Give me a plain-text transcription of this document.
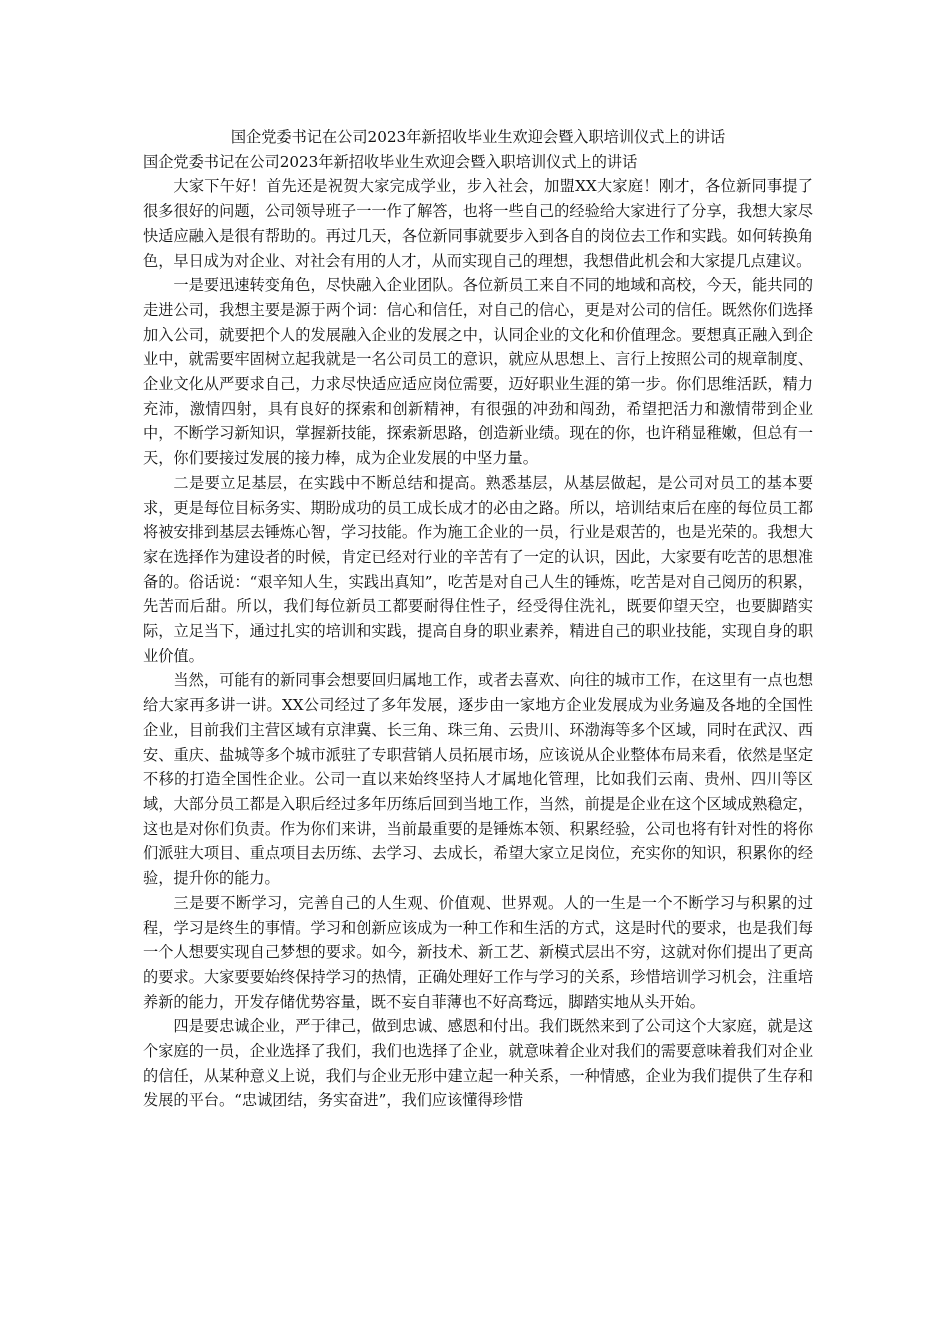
国企党委书记在公司2023年新招收毕业生欢迎会暨入职培训仪式上的讲话
国企党委书记在公司2023年新招收毕业生欢迎会暨入职培训仪式上的讲话

大家下午好！首先还是祝贺大家完成学业，步入社会，加盟XX大家庭！刚才，各位新同事提了很多很好的问题，公司领导班子一一作了解答，也将一些自己的经验给大家进行了分享，我想大家尽快适应融入是很有帮助的。再过几天，各位新同事就要步入到各自的岗位去工作和实践。如何转换角色，早日成为对企业、对社会有用的人才，从而实现自己的理想，我想借此机会和大家提几点建议。

一是要迅速转变角色，尽快融入企业团队。各位新员工来自不同的地域和高校，今天，能共同的走进公司，我想主要是源于两个词：信心和信任，对自己的信心，更是对公司的信任。既然你们选择加入公司，就要把个人的发展融入企业的发展之中，认同企业的文化和价值理念。要想真正融入到企业中，就需要牢固树立起我就是一名公司员工的意识，就应从思想上、言行上按照公司的规章制度、企业文化从严要求自己，力求尽快适应适应岗位需要，迈好职业生涯的第一步。你们思维活跃，精力充沛，激情四射，具有良好的探索和创新精神，有很强的冲劲和闯劲，希望把活力和激情带到企业中，不断学习新知识，掌握新技能，探索新思路，创造新业绩。现在的你，也许稍显稚嫩，但总有一天，你们要接过发展的接力棒，成为企业发展的中坚力量。

二是要立足基层，在实践中不断总结和提高。熟悉基层，从基层做起，是公司对员工的基本要求，更是每位目标务实、期盼成功的员工成长成才的必由之路。所以，培训结束后在座的每位员工都将被安排到基层去锤炼心智，学习技能。作为施工企业的一员，行业是艰苦的，也是光荣的。我想大家在选择作为建设者的时候，肯定已经对行业的辛苦有了一定的认识，因此，大家要有吃苦的思想准备的。俗话说：“艰辛知人生，实践出真知”，吃苦是对自己人生的锤炼，吃苦是对自己阅历的积累，先苦而后甜。所以，我们每位新员工都要耐得住性子，经受得住洗礼，既要仰望天空，也要脚踏实际，立足当下，通过扎实的培训和实践，提高自身的职业素养，精进自己的职业技能，实现自身的职业价值。

当然，可能有的新同事会想要回归属地工作，或者去喜欢、向往的城市工作，在这里有一点也想给大家再多讲一讲。XX公司经过了多年发展，逐步由一家地方企业发展成为业务遍及各地的全国性企业，目前我们主营区域有京津冀、长三角、珠三角、云贵川、环渤海等多个区域，同时在武汉、西安、重庆、盐城等多个城市派驻了专职营销人员拓展市场，应该说从企业整体布局来看，依然是坚定不移的打造全国性企业。公司一直以来始终坚持人才属地化管理，比如我们云南、贵州、四川等区域，大部分员工都是入职后经过多年历练后回到当地工作，当然，前提是企业在这个区域成熟稳定，这也是对你们负责。作为你们来讲，当前最重要的是锤炼本领、积累经验，公司也将有针对性的将你们派驻大项目、重点项目去历练、去学习、去成长，希望大家立足岗位，充实你的知识，积累你的经验，提升你的能力。

三是要不断学习，完善自己的人生观、价值观、世界观。人的一生是一个不断学习与积累的过程，学习是终生的事情。学习和创新应该成为一种工作和生活的方式，这是时代的要求，也是我们每一个人想要实现自己梦想的要求。如今，新技术、新工艺、新模式层出不穷，这就对你们提出了更高的要求。大家要要始终保持学习的热情，正确处理好工作与学习的关系，珍惜培训学习机会，注重培养新的能力，开发存储优势容量，既不妄自菲薄也不好高骛远，脚踏实地从头开始。

四是要忠诚企业，严于律己，做到忠诚、感恩和付出。我们既然来到了公司这个大家庭，就是这个家庭的一员，企业选择了我们，我们也选择了企业，就意味着企业对我们的需要意味着我们对企业的信任，从某种意义上说，我们与企业无形中建立起一种关系，一种情感，企业为我们提供了生存和发展的平台。“忠诚团结，务实奋进”，我们应该懂得珍惜
